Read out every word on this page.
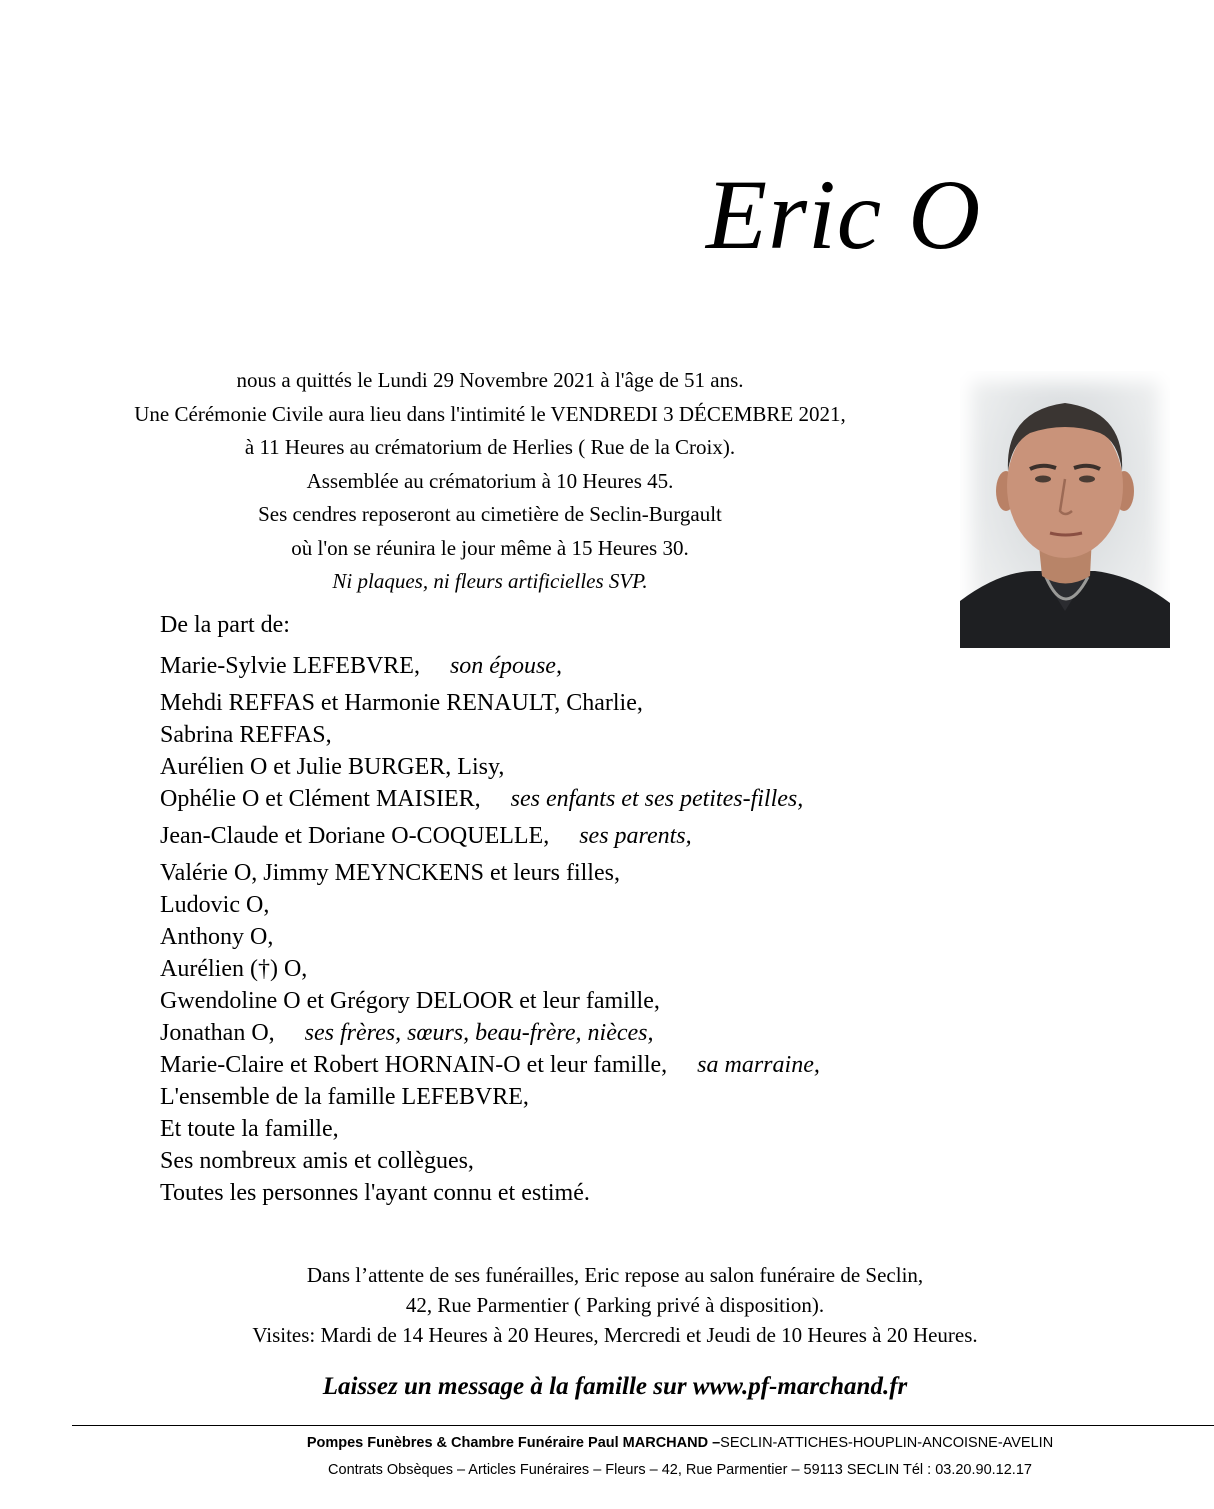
Eric O
nous a quittés le Lundi 29 Novembre 2021 à l'âge de 51 ans.
Une Cérémonie Civile aura lieu dans l'intimité le VENDREDI 3 DÉCEMBRE 2021,
à 11 Heures au crématorium de Herlies ( Rue de la Croix).
Assemblée au crématorium à 10 Heures 45.
Ses cendres reposeront au cimetière de Seclin-Burgault
où l'on se réunira le jour même à 15 Heures 30.
Ni plaques, ni fleurs artificielles SVP.
De la part de:
Marie-Sylvie LEFEBVRE, son épouse,
Mehdi REFFAS et Harmonie RENAULT, Charlie,
Sabrina REFFAS,
Aurélien O et Julie BURGER, Lisy,
Ophélie O et Clément MAISIER, ses enfants et ses petites-filles,
Jean-Claude et Doriane O-COQUELLE, ses parents,
Valérie O, Jimmy MEYNCKENS et leurs filles,
Ludovic O,
Anthony O,
Aurélien (†) O,
Gwendoline O et Grégory DELOOR et leur famille,
Jonathan O, ses frères, sœurs, beau-frère, nièces,
Marie-Claire et Robert HORNAIN-O et leur famille, sa marraine,
L'ensemble de la famille LEFEBVRE,
Et toute la famille,
Ses nombreux amis et collègues,
Toutes les personnes l'ayant connu et estimé.
Dans l’attente de ses funérailles, Eric repose au salon funéraire de Seclin,
42, Rue Parmentier ( Parking privé à disposition).
Visites: Mardi de 14 Heures à 20 Heures, Mercredi et Jeudi de 10 Heures à 20 Heures.
Laissez un message à la famille sur www.pf-marchand.fr
Pompes Funèbres & Chambre Funéraire Paul MARCHAND –SECLIN-ATTICHES-HOUPLIN-ANCOISNE-AVELIN
Contrats Obsèques – Articles Funéraires – Fleurs – 42, Rue Parmentier – 59113 SECLIN Tél : 03.20.90.12.17
